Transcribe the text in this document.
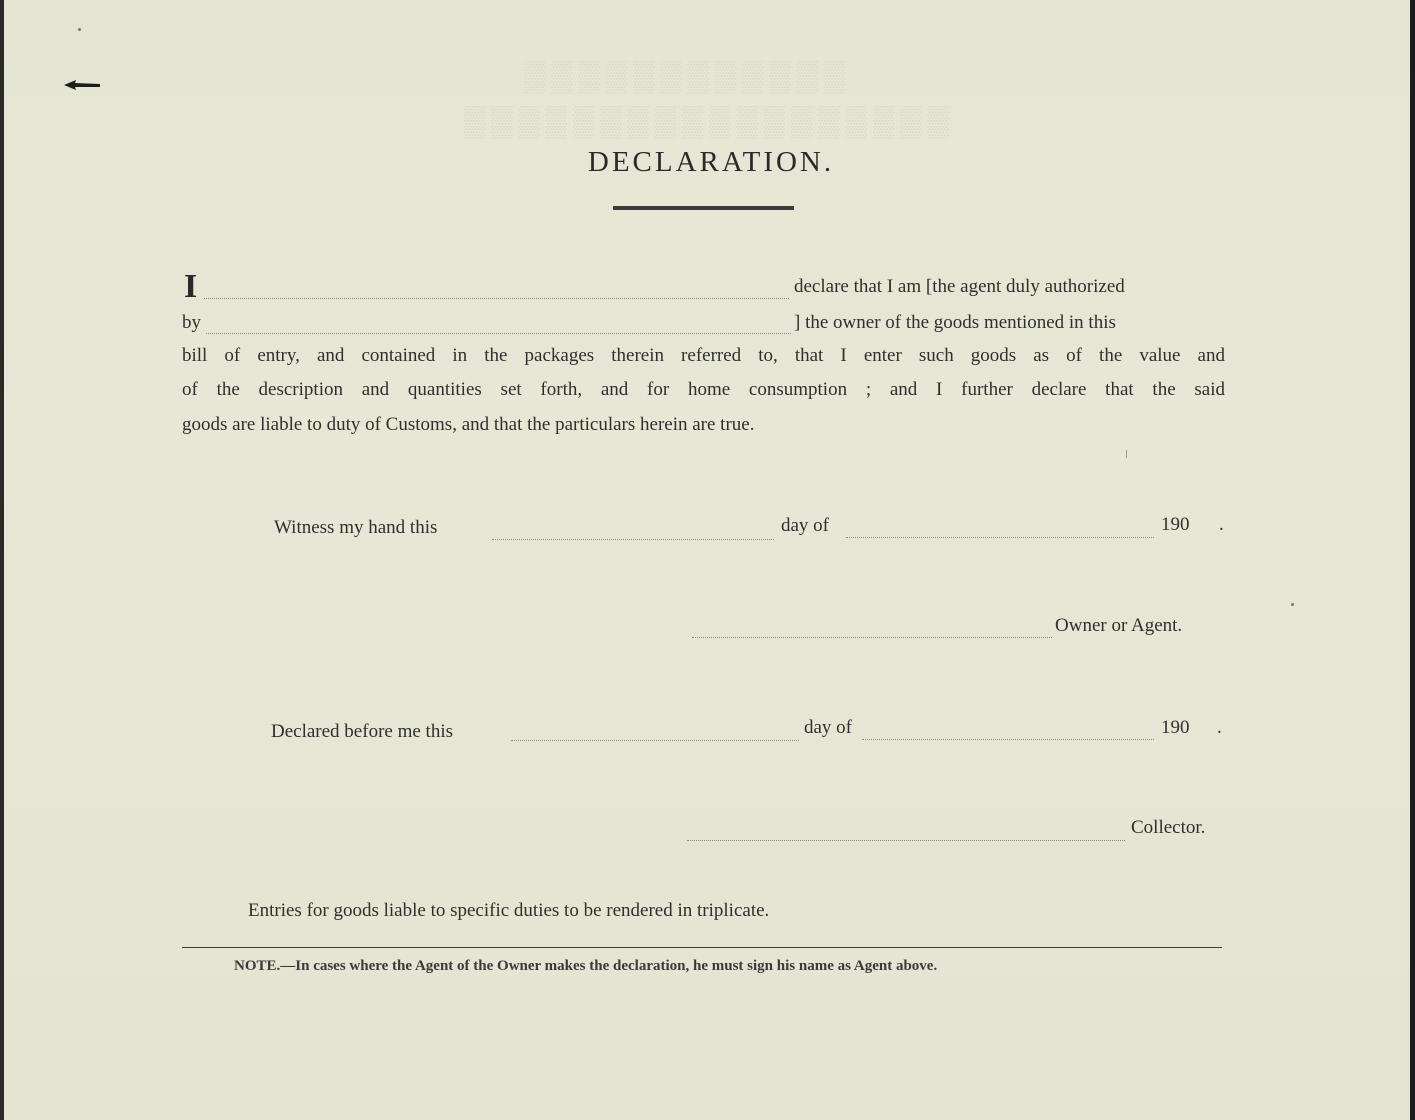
▒▒▒▒▒▒▒▒▒▒▒▒
▒▒▒▒▒▒▒▒▒▒▒▒▒▒▒▒▒▒
DECLARATION.
I	declare that I am [the agent duly authorized
by	] the owner of the goods mentioned in this
bill of entry, and contained in the packages therein referred to, that I enter such goods as of the value and
of the description and quantities set forth, and for home consumption ; and I further declare that the said
goods are liable to duty of Customs, and that the particulars herein are true.
Witness my hand this	day of	190 .
Owner or Agent.
Declared before me this	day of	190 .
Collector.
Entries for goods liable to specific duties to be rendered in triplicate.
NOTE.—In cases where the Agent of the Owner makes the declaration, he must sign his name as Agent above.
